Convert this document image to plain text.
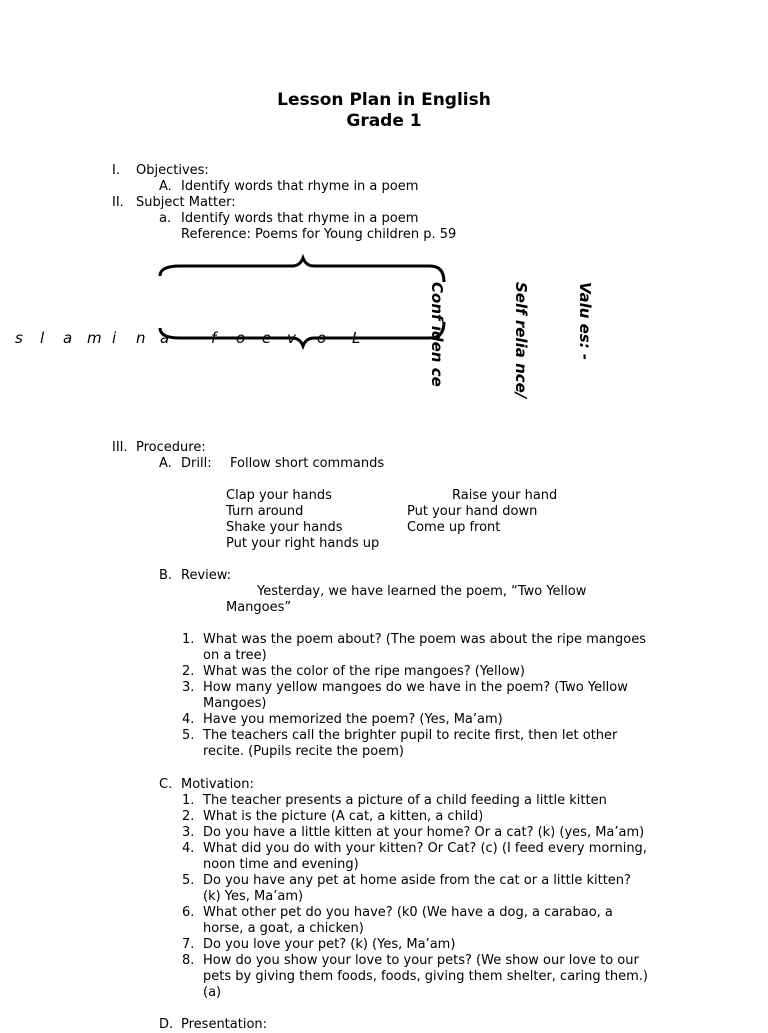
Lesson Plan in English
Grade 1
I. Objectives:
A. Identify words that rhyme in a poem
II. Subject Matter:
a. Identify words that rhyme in a poem
Reference: Poems for Young children p. 59
Valu es: -
Self relia nce/
Conf iden ce
L
o
v
e
o
f
a
n
i
m
a
l
s
III. Procedure:
A. Drill: Follow short commands
Clap your hands
Turn around
Shake your hands
Put your right hands up
Raise your hand
Put your hand down
Come up front
B. Review:
Yesterday, we have learned the poem, “Two Yellow
Mangoes”
1. What was the poem about? (The poem was about the ripe mangoes
on a tree)
2. What was the color of the ripe mangoes? (Yellow)
3. How many yellow mangoes do we have in the poem? (Two Yellow
Mangoes)
4. Have you memorized the poem? (Yes, Ma’am)
5. The teachers call the brighter pupil to recite first, then let other
recite. (Pupils recite the poem)
C. Motivation:
1. The teacher presents a picture of a child feeding a little kitten
2. What is the picture (A cat, a kitten, a child)
3. Do you have a little kitten at your home? Or a cat? (k) (yes, Ma’am)
4. What did you do with your kitten? Or Cat? (c) (I feed every morning,
noon time and evening)
5. Do you have any pet at home aside from the cat or a little kitten?
(k) Yes, Ma’am)
6. What other pet do you have? (k0 (We have a dog, a carabao, a
horse, a goat, a chicken)
7. Do you love your pet? (k) (Yes, Ma’am)
8. How do you show your love to your pets? (We show our love to our
pets by giving them foods, foods, giving them shelter, caring them.)
(a)
D. Presentation:
